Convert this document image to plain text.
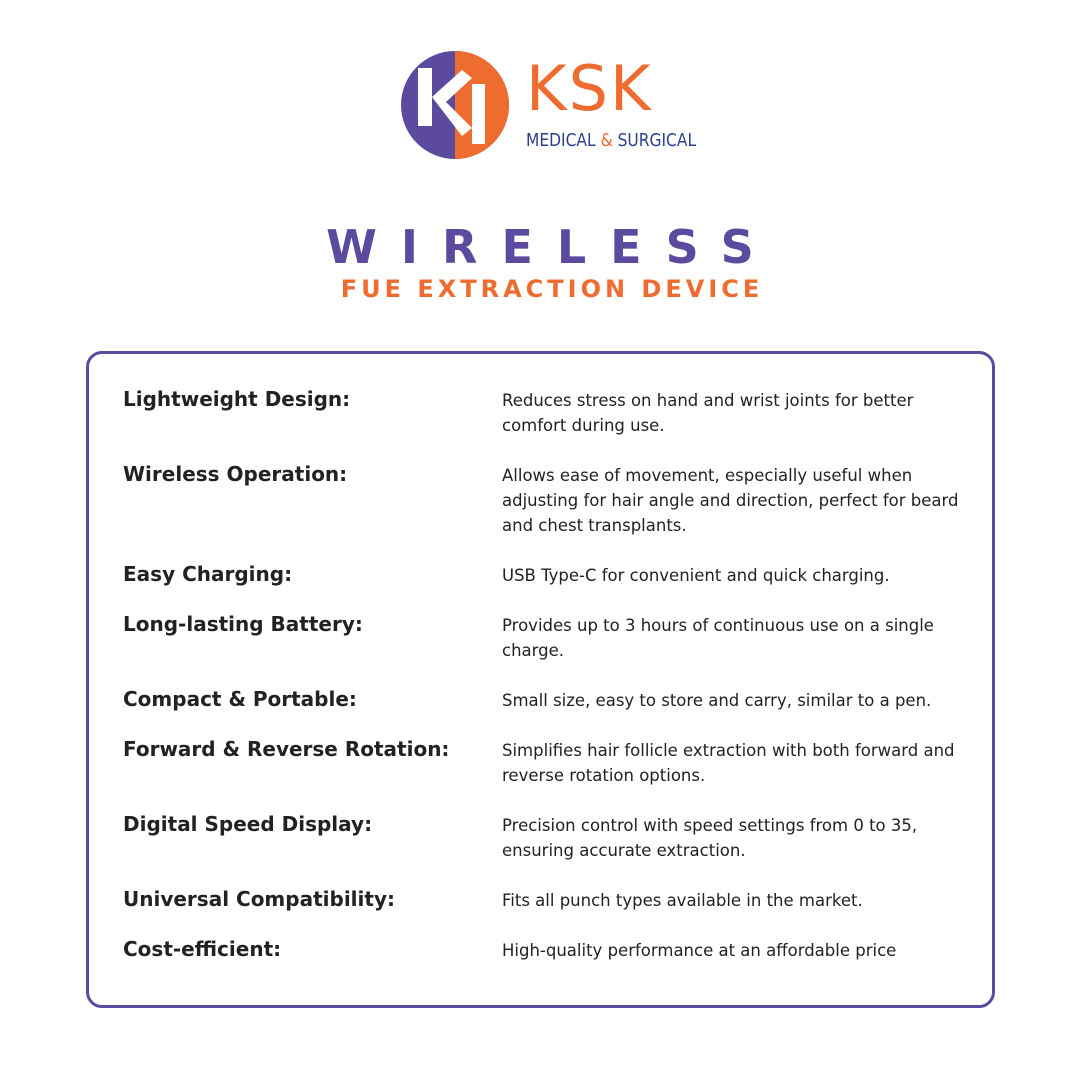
KSK
MEDICAL & SURGICAL
WIRELESS
FUE EXTRACTION DEVICE
Lightweight Design:	Reduces stress on hand and wrist joints for better comfort during use.
Wireless Operation:	Allows ease of movement, especially useful when adjusting for hair angle and direction, perfect for beard and chest transplants.
Easy Charging:	USB Type-C for convenient and quick charging.
Long-lasting Battery:	Provides up to 3 hours of continuous use on a single charge.
Compact & Portable:	Small size, easy to store and carry, similar to a pen.
Forward & Reverse Rotation:	Simplifies hair follicle extraction with both forward and reverse rotation options.
Digital Speed Display:	Precision control with speed settings from 0 to 35, ensuring accurate extraction.
Universal Compatibility:	Fits all punch types available in the market.
Cost-efficient:	High-quality performance at an affordable price
